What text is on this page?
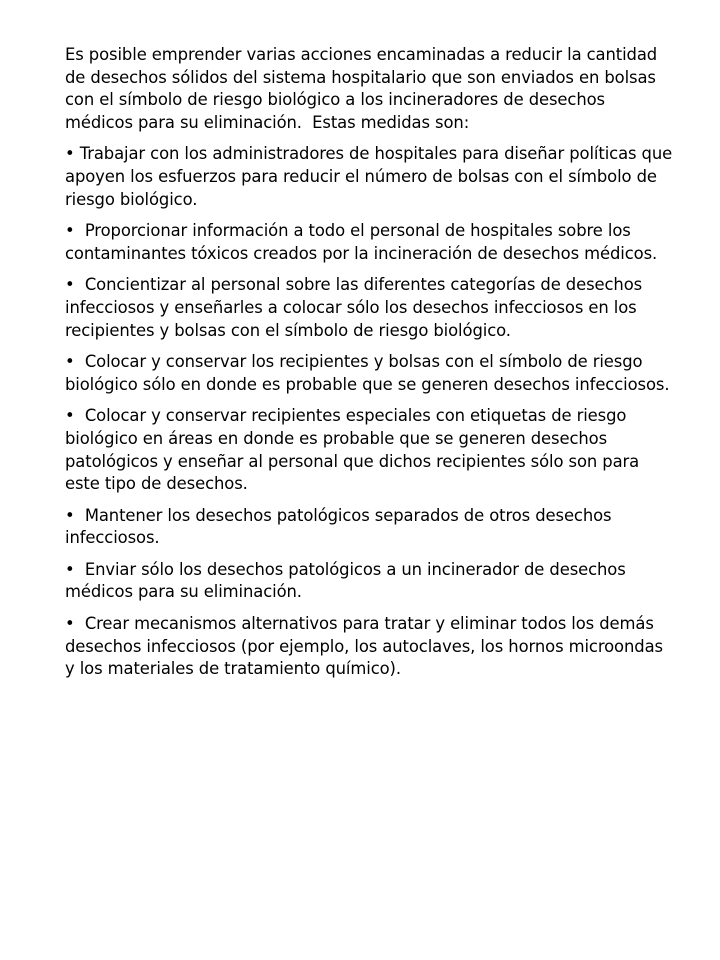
Es posible emprender varias acciones encaminadas a reducir la cantidad de desechos sólidos del sistema hospitalario que son enviados en bolsas con el símbolo de riesgo biológico a los incineradores de desechos médicos para su eliminación.  Estas medidas son:

• Trabajar con los administradores de hospitales para diseñar políticas que apoyen los esfuerzos para reducir el número de bolsas con el símbolo de riesgo biológico.

• Proporcionar información a todo el personal de hospitales sobre los contaminantes tóxicos creados por la incineración de desechos médicos.

• Concientizar al personal sobre las diferentes categorías de desechos infecciosos y enseñarles a colocar sólo los desechos infecciosos en los recipientes y bolsas con el símbolo de riesgo biológico.

• Colocar y conservar los recipientes y bolsas con el símbolo de riesgo biológico sólo en donde es probable que se generen desechos infecciosos.

• Colocar y conservar recipientes especiales con etiquetas de riesgo biológico en áreas en donde es probable que se generen desechos patológicos y enseñar al personal que dichos recipientes sólo son para este tipo de desechos.

• Mantener los desechos patológicos separados de otros desechos infecciosos.

• Enviar sólo los desechos patológicos a un incinerador de desechos médicos para su eliminación.

• Crear mecanismos alternativos para tratar y eliminar todos los demás desechos infecciosos (por ejemplo, los autoclaves, los hornos microondas y los materiales de tratamiento químico).
